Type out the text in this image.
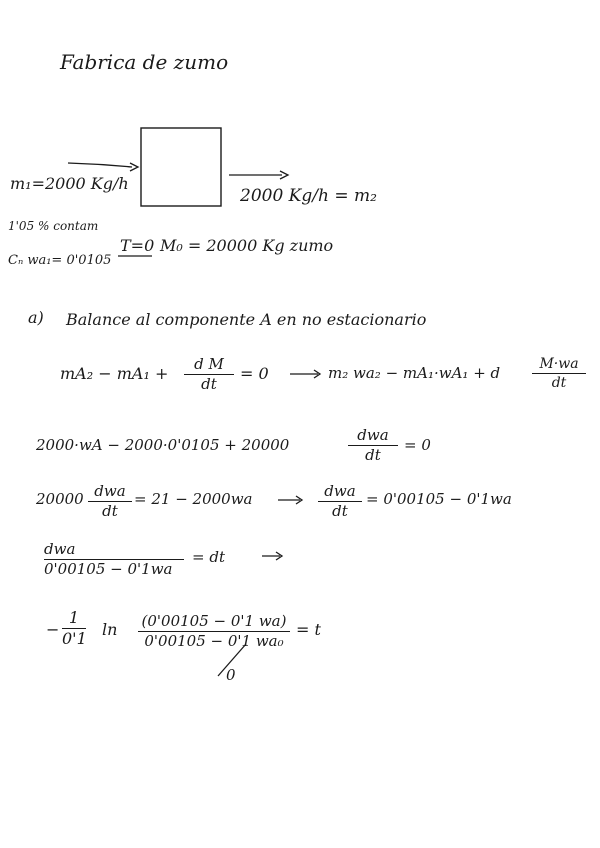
Fabrica de zumo
m₁=2000 Kg/h
2000 Kg/h = m₂
1'05 % contam
Cₙ wa₁= 0'0105
T=0 M₀ = 20000 Kg zumo
a) Balance al componente A en no estacionario
mA₂ − mA₁ +	d M
dt
= 0	m₂ wa₂ − mA₁·wA₁ + d	M·wa
dt
2000·wA − 2000·0'0105 + 20000
dwa
dt
= 0
20000 dwa
dt
= 21 − 2000wa	dwa
dt
= 0'00105 − 0'1wa
dwa
0'00105 − 0'1wa
= dt
−
1
0'1 ln (0'00105 − 0'1 wa)
0'00105 − 0'1 wa₀
= t
0
